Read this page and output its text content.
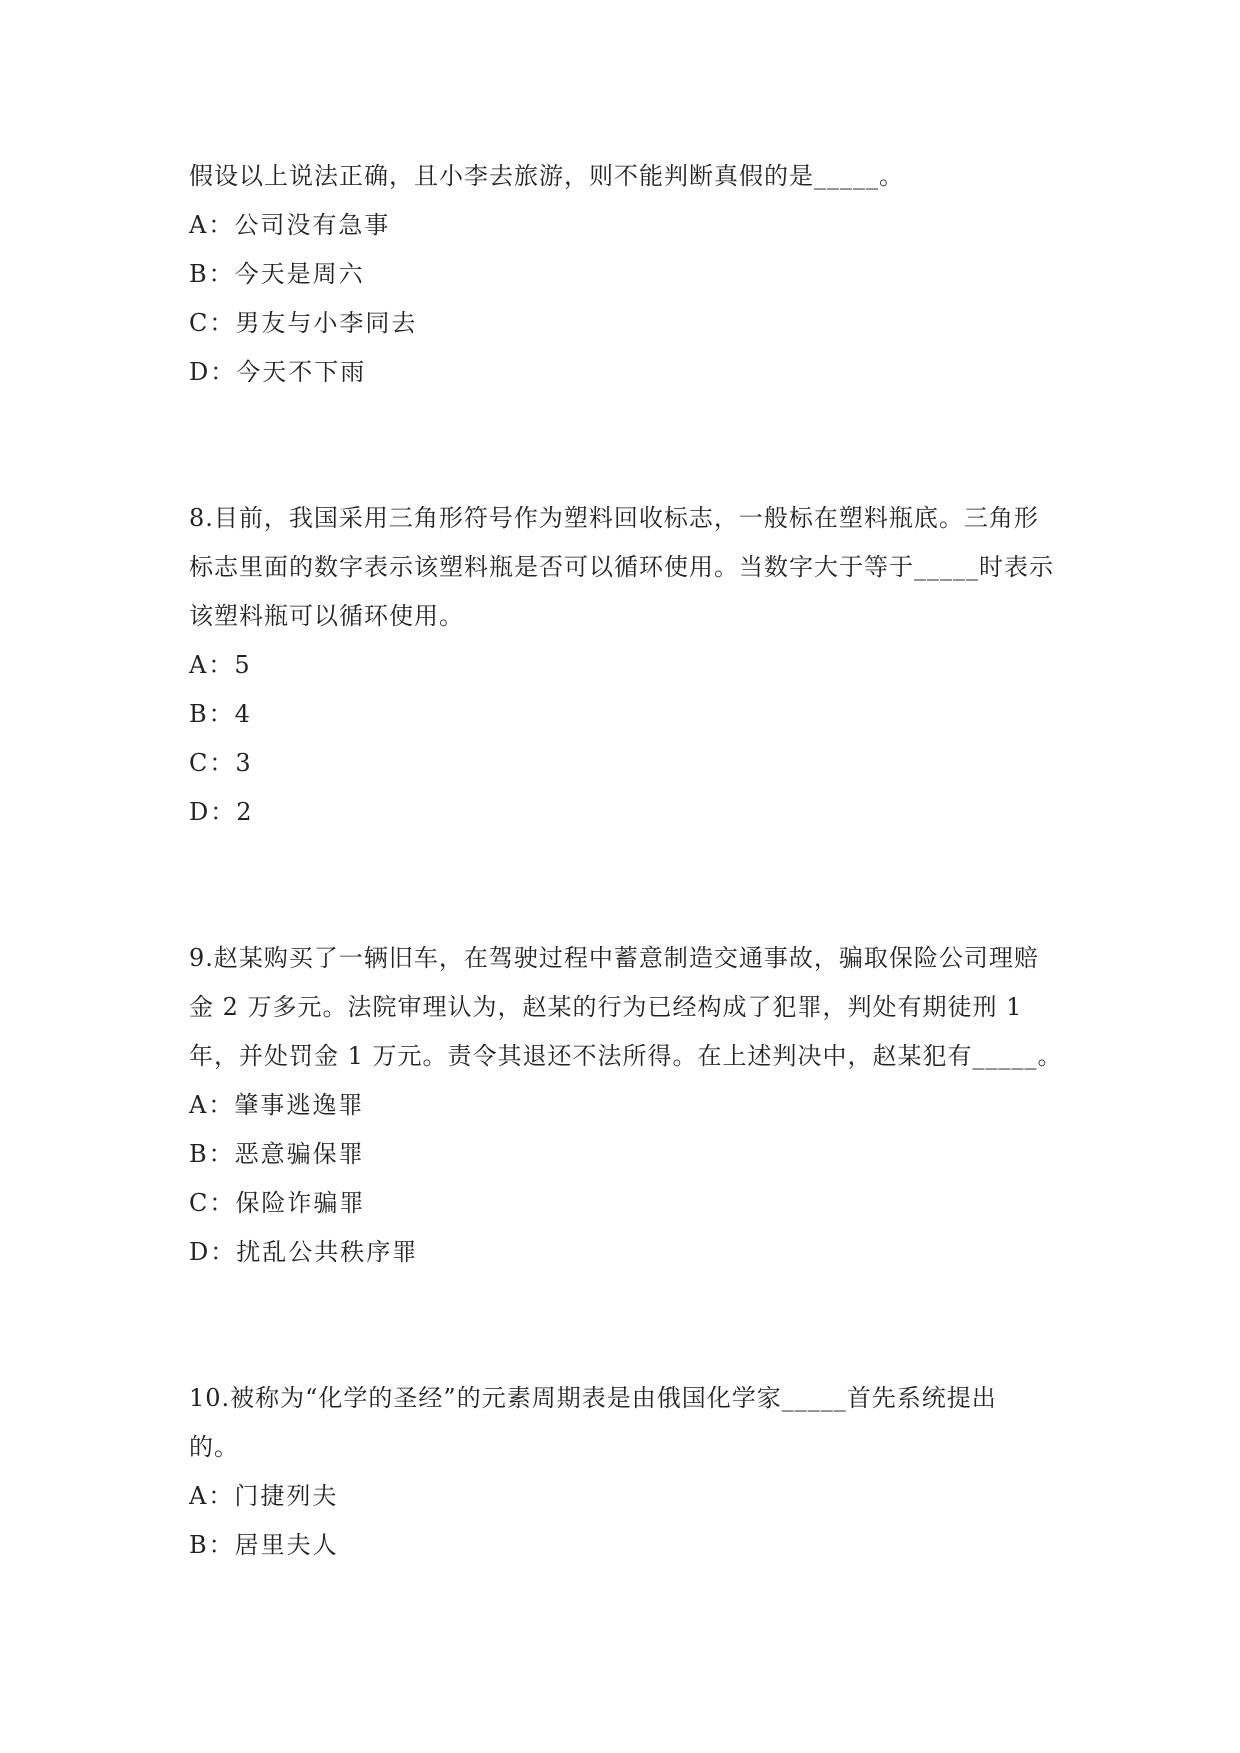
假设以上说法正确，且小李去旅游，则不能判断真假的是_____。
A：公司没有急事
B：今天是周六
C：男友与小李同去
D：今天不下雨
8.目前，我国采用三角形符号作为塑料回收标志，一般标在塑料瓶底。三角形
标志里面的数字表示该塑料瓶是否可以循环使用。当数字大于等于_____时表示
该塑料瓶可以循环使用。
A：5
B：4
C：3
D：2
9.赵某购买了一辆旧车，在驾驶过程中蓄意制造交通事故，骗取保险公司理赔
金 2 万多元。法院审理认为，赵某的行为已经构成了犯罪，判处有期徒刑 1
年，并处罚金 1 万元。责令其退还不法所得。在上述判决中，赵某犯有_____。
A：肇事逃逸罪
B：恶意骗保罪
C：保险诈骗罪
D：扰乱公共秩序罪
10.被称为“化学的圣经”的元素周期表是由俄国化学家_____首先系统提出
的。
A：门捷列夫
B：居里夫人
